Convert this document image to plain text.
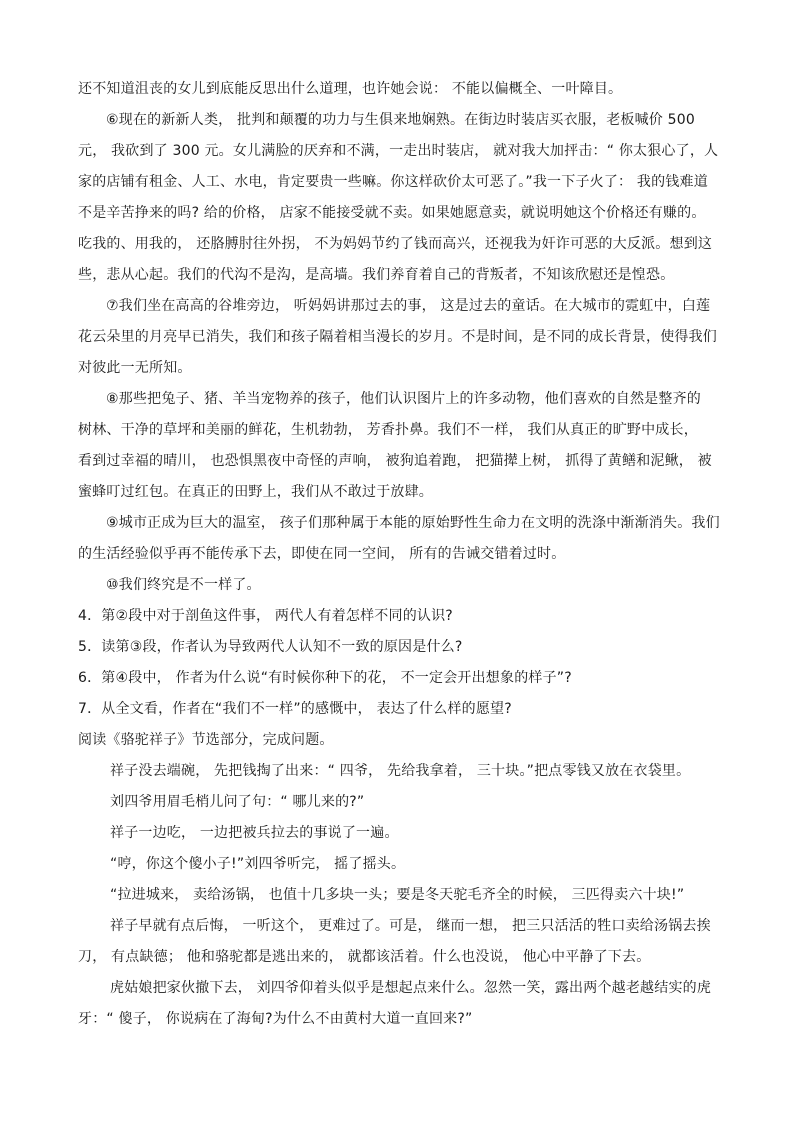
还不知道沮丧的女儿到底能反思出什么道理，也许她会说： 不能以偏概全、一叶障目。
⑥现在的新新人类， 批判和颠覆的功力与生俱来地娴熟。在街边时装店买衣服，老板喊价 500
元， 我砍到了 300 元。女儿满脸的厌弃和不满，一走出时装店， 就对我大加抨击：“ 你太狠心了，人
家的店铺有租金、人工、水电，肯定要贵一些嘛。你这样砍价太可恶了。”我一下子火了： 我的钱难道
不是辛苦挣来的吗? 给的价格， 店家不能接受就不卖。如果她愿意卖，就说明她这个价格还有赚的。
吃我的、用我的， 还胳膊肘往外拐， 不为妈妈节约了钱而高兴，还视我为奸诈可恶的大反派。想到这
些，悲从心起。我们的代沟不是沟，是高墙。我们养育着自己的背叛者，不知该欣慰还是惶恐。
⑦我们坐在高高的谷堆旁边， 听妈妈讲那过去的事， 这是过去的童话。在大城市的霓虹中，白莲
花云朵里的月亮早已消失，我们和孩子隔着相当漫长的岁月。不是时间，是不同的成长背景，使得我们
对彼此一无所知。
⑧那些把兔子、猪、羊当宠物养的孩子，他们认识图片上的许多动物，他们喜欢的自然是整齐的
树林、干净的草坪和美丽的鲜花，生机勃勃， 芳香扑鼻。我们不一样， 我们从真正的旷野中成长，
看到过幸福的晴川， 也恐惧黑夜中奇怪的声响， 被狗追着跑， 把猫撵上树， 抓得了黄鳝和泥鳅， 被
蜜蜂叮过红包。在真正的田野上，我们从不敢过于放肆。
⑨城市正成为巨大的温室， 孩子们那种属于本能的原始野性生命力在文明的洗涤中渐渐消失。我们
的生活经验似乎再不能传承下去，即使在同一空间， 所有的告诫交错着过时。
⑩我们终究是不一样了。
4．第②段中对于剖鱼这件事， 两代人有着怎样不同的认识?
5．读第③段，作者认为导致两代人认知不一致的原因是什么?
6．第④段中， 作者为什么说“有时候你种下的花， 不一定会开出想象的样子”?
7．从全文看，作者在“我们不一样”的感慨中， 表达了什么样的愿望?
阅读《骆驼祥子》节选部分，完成问题。
祥子没去端碗， 先把钱掏了出来：“ 四爷， 先给我拿着， 三十块。”把点零钱又放在衣袋里。
刘四爷用眉毛梢儿问了句：“ 哪儿来的?”
祥子一边吃， 一边把被兵拉去的事说了一遍。
“哼，你这个傻小子!”刘四爷听完， 摇了摇头。
“拉进城来， 卖给汤锅， 也值十几多块一头；要是冬天驼毛齐全的时候， 三匹得卖六十块!”
祥子早就有点后悔， 一听这个， 更难过了。可是， 继而一想， 把三只活活的牲口卖给汤锅去挨
刀， 有点缺德； 他和骆驼都是逃出来的， 就都该活着。什么也没说， 他心中平静了下去。
虎姑娘把家伙撤下去， 刘四爷仰着头似乎是想起点来什么。忽然一笑，露出两个越老越结实的虎
牙：“ 傻子， 你说病在了海甸?为什么不由黄村大道一直回来?”
